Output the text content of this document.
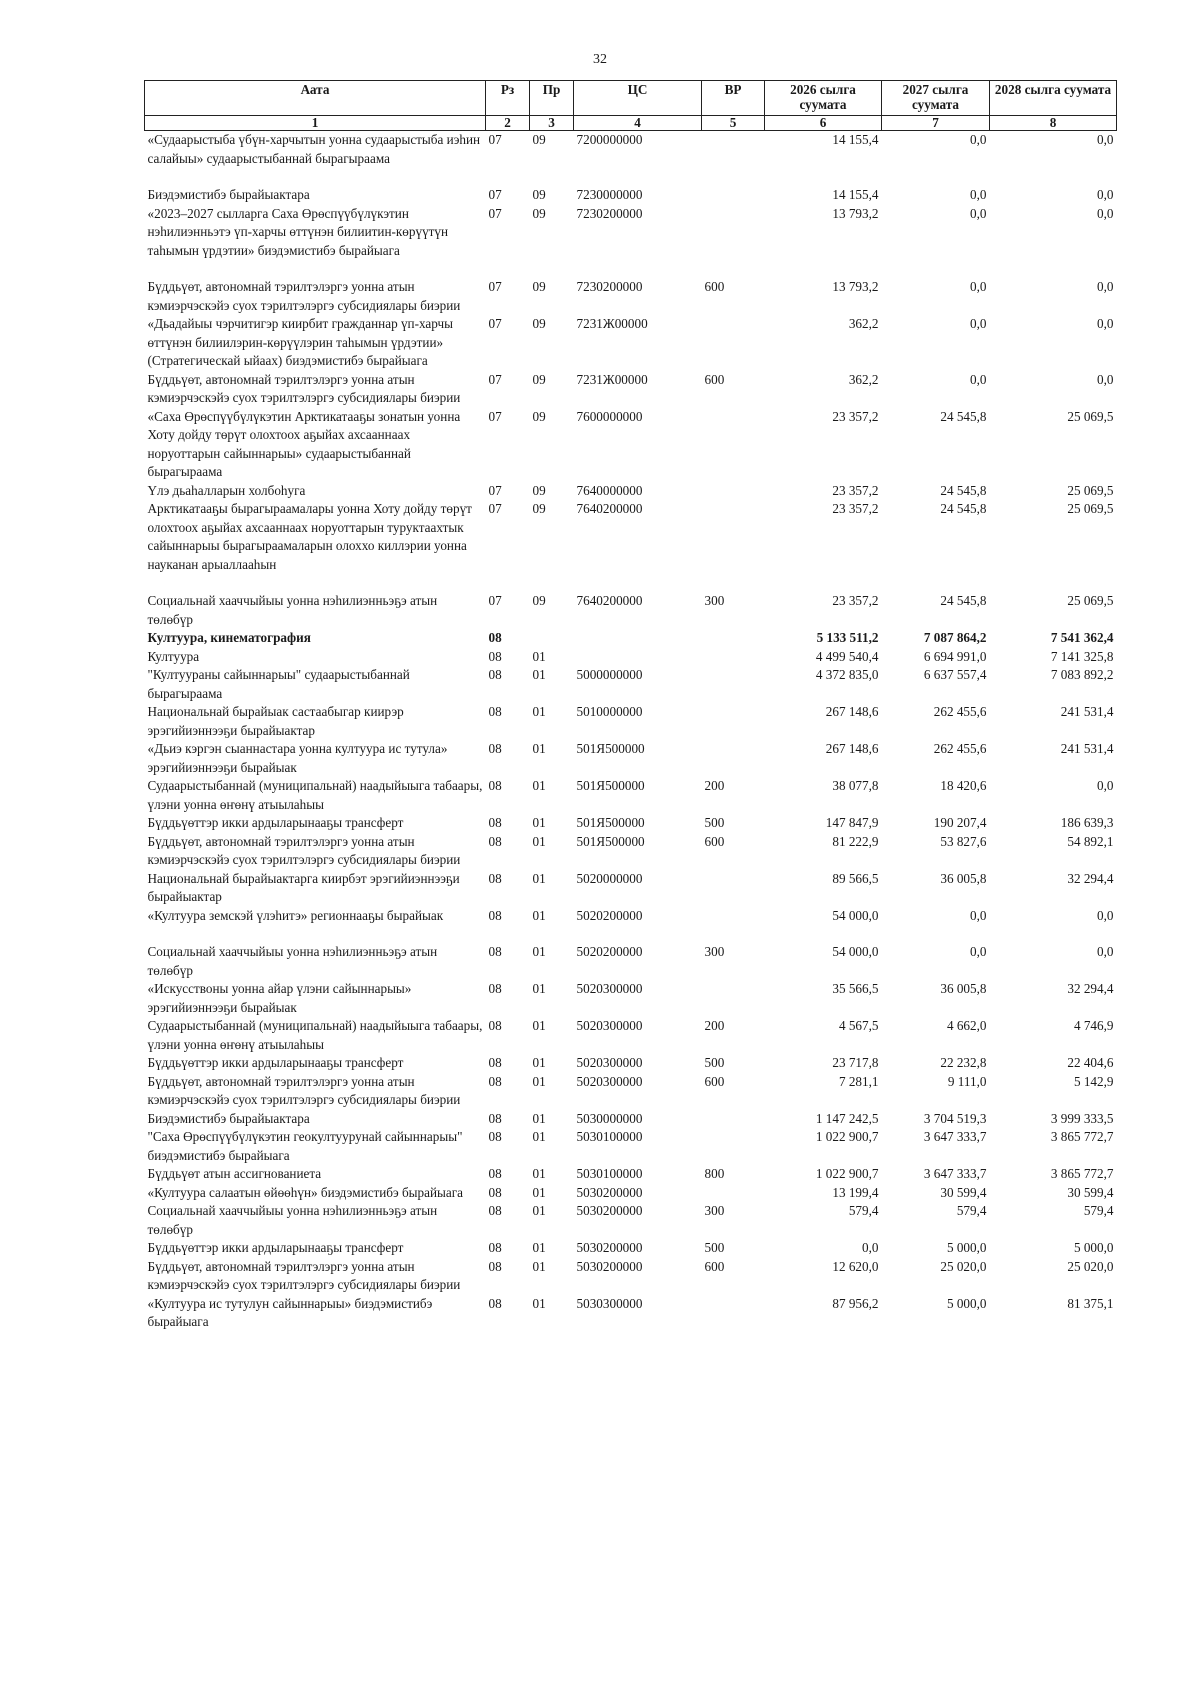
32
Аата	Рз	Пр	ЦС	ВР	2026 сылга суумата	2027 сылга суумата	2028 сылга суумата
1	2	3	4	5	6	7	8
«Судаарыстыба үбүн-харчытын уонна судаарыстыба иэһин салайыы» судаарыстыбаннай бырагыраама	07	09	7200000000		14 155,4	0,0	0,0
Биэдэмистибэ бырайыактара	07	09	7230000000		14 155,4	0,0	0,0
«2023–2027 сылларга Саха Өрөспүүбүлүкэтин нэһилиэнньэтэ үп-харчы өттүнэн билиитин-көрүүтүн таһымын үрдэтии» биэдэмистибэ бырайыага	07	09	7230200000		13 793,2	0,0	0,0
Бүддьүөт, автономнай тэрилтэлэргэ уонна атын кэмиэрчэскэйэ суох тэрилтэлэргэ субсидиялары биэрии	07	09	7230200000	600	13 793,2	0,0	0,0
«Дьадайыы чэрчитигэр киирбит гражданнар үп-харчы өттүнэн билиилэрин-көрүүлэрин таһымын үрдэтии» (Стратегическай ыйаах) биэдэмистибэ бырайыага	07	09	7231Ж00000		362,2	0,0	0,0
Бүддьүөт, автономнай тэрилтэлэргэ уонна атын кэмиэрчэскэйэ суох тэрилтэлэргэ субсидиялары биэрии	07	09	7231Ж00000	600	362,2	0,0	0,0
«Саха Өрөспүүбүлүкэтин Арктикатааҕы зонатын уонна Хоту дойду төрүт олохтоох аҕыйах ахсааннаах норуоттарын сайыннарыы» судаарыстыбаннай бырагыраама	07	09	7600000000		23 357,2	24 545,8	25 069,5
Үлэ дьаһалларын холбоһуга	07	09	7640000000		23 357,2	24 545,8	25 069,5
Арктикатааҕы бырагыраамалары уонна Хоту дойду төрүт олохтоох аҕыйах ахсааннаах норуоттарын туруктаахтык сайыннарыы бырагыраамаларын олоххо киллэрии уонна науканан арыаллааһын	07	09	7640200000		23 357,2	24 545,8	25 069,5
Социальнай хааччыйыы уонна нэһилиэнньэҕэ атын төлөбүр	07	09	7640200000	300	23 357,2	24 545,8	25 069,5
Култуура, кинематография	08				5 133 511,2	7 087 864,2	7 541 362,4
Култуура	08	01			4 499 540,4	6 694 991,0	7 141 325,8
"Култуураны сайыннарыы" судаарыстыбаннай бырагыраама	08	01	5000000000		4 372 835,0	6 637 557,4	7 083 892,2
Национальнай бырайыак састаабыгар киирэр эрэгийиэннээҕи бырайыактар	08	01	5010000000		267 148,6	262 455,6	241 531,4
«Дьиэ кэргэн сыаннастара уонна култуура ис тутула» эрэгийиэннээҕи бырайыак	08	01	501Я500000		267 148,6	262 455,6	241 531,4
Судаарыстыбаннай (муниципальнай) наадыйыыга табаары, үлэни уонна өҥөнү атыылаһыы	08	01	501Я500000	200	38 077,8	18 420,6	0,0
Бүддьүөттэр икки ардыларынааҕы трансферт	08	01	501Я500000	500	147 847,9	190 207,4	186 639,3
Бүддьүөт, автономнай тэрилтэлэргэ уонна атын кэмиэрчэскэйэ суох тэрилтэлэргэ субсидиялары биэрии	08	01	501Я500000	600	81 222,9	53 827,6	54 892,1
Национальнай бырайыактарга киирбэт эрэгийиэннээҕи бырайыактар	08	01	5020000000		89 566,5	36 005,8	32 294,4
«Култуура земскэй үлэһитэ» регионнааҕы бырайыак	08	01	5020200000		54 000,0	0,0	0,0
Социальнай хааччыйыы уонна нэһилиэнньэҕэ атын төлөбүр	08	01	5020200000	300	54 000,0	0,0	0,0
«Искусствоны уонна айар үлэни сайыннарыы» эрэгийиэннээҕи бырайыак	08	01	5020300000		35 566,5	36 005,8	32 294,4
Судаарыстыбаннай (муниципальнай) наадыйыыга табаары, үлэни уонна өҥөнү атыылаһыы	08	01	5020300000	200	4 567,5	4 662,0	4 746,9
Бүддьүөттэр икки ардыларынааҕы трансферт	08	01	5020300000	500	23 717,8	22 232,8	22 404,6
Бүддьүөт, автономнай тэрилтэлэргэ уонна атын кэмиэрчэскэйэ суох тэрилтэлэргэ субсидиялары биэрии	08	01	5020300000	600	7 281,1	9 111,0	5 142,9
Биэдэмистибэ бырайыактара	08	01	5030000000		1 147 242,5	3 704 519,3	3 999 333,5
"Саха Өрөспүүбүлүкэтин геокултуурунай сайыннарыы" биэдэмистибэ бырайыага	08	01	5030100000		1 022 900,7	3 647 333,7	3 865 772,7
Бүддьүөт атын ассигнованиета	08	01	5030100000	800	1 022 900,7	3 647 333,7	3 865 772,7
«Култуура салаатын өйөөһүн» биэдэмистибэ бырайыага	08	01	5030200000		13 199,4	30 599,4	30 599,4
Социальнай хааччыйыы уонна нэһилиэнньэҕэ атын төлөбүр	08	01	5030200000	300	579,4	579,4	579,4
Бүддьүөттэр икки ардыларынааҕы трансферт	08	01	5030200000	500	0,0	5 000,0	5 000,0
Бүддьүөт, автономнай тэрилтэлэргэ уонна атын кэмиэрчэскэйэ суох тэрилтэлэргэ субсидиялары биэрии	08	01	5030200000	600	12 620,0	25 020,0	25 020,0
«Култуура ис тутулун сайыннарыы» биэдэмистибэ бырайыага	08	01	5030300000		87 956,2	5 000,0	81 375,1
